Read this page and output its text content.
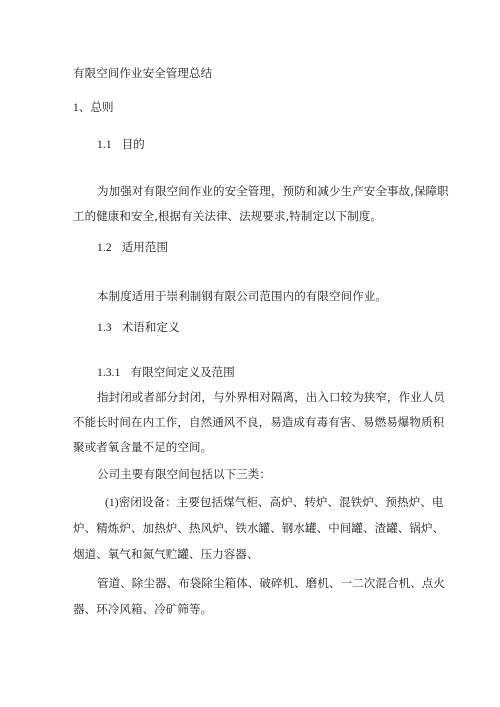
有限空间作业安全管理总结
1、总则
1.1 目的
为加强对有限空间作业的安全管理，预防和减少生产安全事故,保障职
工的健康和安全,根据有关法律、法规要求,特制定以下制度。
1.2 适用范围
本制度适用于崇利制钢有限公司范围内的有限空间作业。
1.3 术语和定义
1.3.1 有限空间定义及范围
指封闭或者部分封闭，与外界相对隔离，出入口较为狭窄，作业人员
不能长时间在内工作，自然通风不良，易造成有毒有害、易燃易爆物质积
聚或者氧含量不足的空间。
公司主要有限空间包括以下三类：
(1)密闭设备：主要包括煤气柜、高炉、转炉、混铁炉、预热炉、电
炉、精炼炉、加热炉、热风炉、铁水罐、钢水罐、中间罐、渣罐、锅炉、
烟道、氧气和氮气贮罐、压力容器、
管道、除尘器、布袋除尘箱体、破碎机、磨机、一二次混合机、点火
器、环冷风箱、冷矿筛等。
